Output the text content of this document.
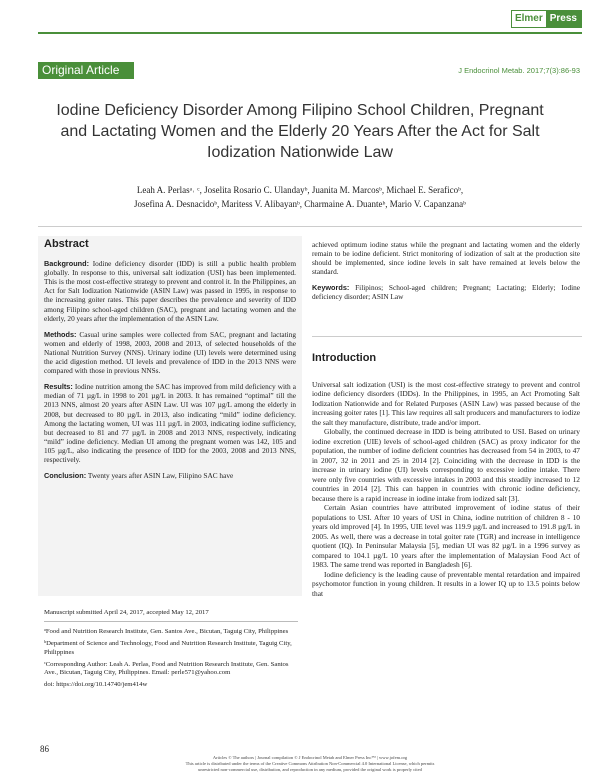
Elmer Press
Original Article	J Endocrinol Metab. 2017;7(3):86-93
Iodine Deficiency Disorder Among Filipino School Children, Pregnant and Lactating Women and the Elderly 20 Years After the Act for Salt Iodization Nationwide Law
Leah A. Perlasᵃ˒ ᶜ, Joselita Rosario C. Ulandayᵇ, Juanita M. Marcosᵇ, Michael E. Seraficoᵇ,
Josefina A. Desnacidoᵇ, Maritess V. Alibayanᵇ, Charmaine A. Duanteᵇ, Mario V. Capanzanaᵇ
Abstract

Background: Iodine deficiency disorder (IDD) is still a public health problem globally. In response to this, universal salt iodization (USI) has been implemented. This is the most cost-effective strategy to prevent and control it. In the Philippines, an Act for Salt Iodization Nationwide (ASIN Law) was passed in 1995, in response to the increasing goiter rates. This paper describes the prevalence and severity of IDD among Filipino school-aged children (SAC), pregnant and lactating women and the elderly, 20 years after the implementation of the ASIN Law.

Methods: Casual urine samples were collected from SAC, pregnant and lactating women and elderly of 1998, 2003, 2008 and 2013, of selected households of the National Nutrition Survey (NNS). Urinary iodine (UI) levels were determined using the acid digestion method. UI levels and prevalence of IDD in the 2013 NNS were compared with those in previous NNSs.

Results: Iodine nutrition among the SAC has improved from mild deficiency with a median of 71 µg/L in 1998 to 201 µg/L in 2003. It has remained “optimal” till the 2013 NNS, almost 20 years after ASIN Law. UI was 107 µg/L among the elderly in 2008, but decreased to 80 µg/L in 2013, also indicating “mild” iodine deficiency. Among the lactating women, UI was 111 µg/L in 2003, indicating iodine sufficiency, but decreased to 81 and 77 µg/L in 2008 and 2013 NNS, respectively, indicating “mild” iodine deficiency. Median UI among the pregnant women was 142, 105 and 105 µg/L, also indicating the presence of IDD for the 2003, 2008 and 2013 NNS, respectively.

Conclusion: Twenty years after ASIN Law, Filipino SAC have

Manuscript submitted April 24, 2017, accepted May 12, 2017

ᵃFood and Nutrition Research Institute, Gen. Santos Ave., Bicutan, Taguig City, Philippines

ᵇDepartment of Science and Technology, Food and Nutrition Research Institute, Taguig City, Philippines

ᶜCorresponding Author: Leah A. Perlas, Food and Nutrition Research Institute, Gen. Santos Ave., Bicutan, Taguig City, Philippines. Email: perle571@yahoo.com

doi: https://doi.org/10.14740/jem414w

achieved optimum iodine status while the pregnant and lactating women and the elderly remain to be iodine deficient. Strict monitoring of iodization of salt at the production site should be implemented, since iodine levels in salt have remained at levels below the standard.

Keywords: Filipinos; School-aged children; Pregnant; Lactating; Elderly; Iodine deficiency disorder; ASIN Law

Introduction

Universal salt iodization (USI) is the most cost-effective strategy to prevent and control iodine deficiency disorders (IDDs). In the Philippines, in 1995, an Act Promoting Salt Iodization Nationwide and for Related Purposes (ASIN Law) was passed because of the increasing goiter rates [1]. This law requires all salt producers and manufacturers to iodize the salt they manufacture, distribute, trade and/or import.

Globally, the continued decrease in IDD is being attributed to USI. Based on urinary iodine excretion (UIE) levels of school-aged children (SAC) as proxy indicator for the population, the number of iodine deficient countries has decreased from 54 in 2003, to 47 in 2007, 32 in 2011 and 25 in 2014 [2]. Coinciding with the decrease in IDD is the increase in urinary iodine (UI) levels corresponding to excessive iodine intake. There were only five countries with excessive intakes in 2003 and this steadily increased to 12 countries in 2014 [2]. This can happen in countries with chronic iodine deficiency, because there is a rapid increase in iodine intake from iodized salt [3].

Certain Asian countries have attributed improvement of iodine status of their populations to USI. After 10 years of USI in China, iodine nutrition of children 8 - 10 years old improved [4]. In 1995, UIE level was 119.9 µg/L and increased to 191.8 µg/L in 2005. As well, there was a decrease in total goiter rate (TGR) and increase in intelligence quotient (IQ). In Peninsular Malaysia [5], median UI was 82 µg/L in a 1996 survey as compared to 104.1 µg/L 10 years after the implementation of Malaysian Food Act of 1983. The same trend was reported in Bangladesh [6].

Iodine deficiency is the leading cause of preventable mental retardation and impaired psychomotor function in young children. It results in a lower IQ up to 13.5 points below that

86
Articles © The authors | Journal compilation © J Endocrinol Metab and Elmer Press Inc™ | www.jofem.org
This article is distributed under the terms of the Creative Commons Attribution Non-Commercial 4.0 International License, which permits
unrestricted non-commercial use, distribution, and reproduction in any medium, provided the original work is properly cited
